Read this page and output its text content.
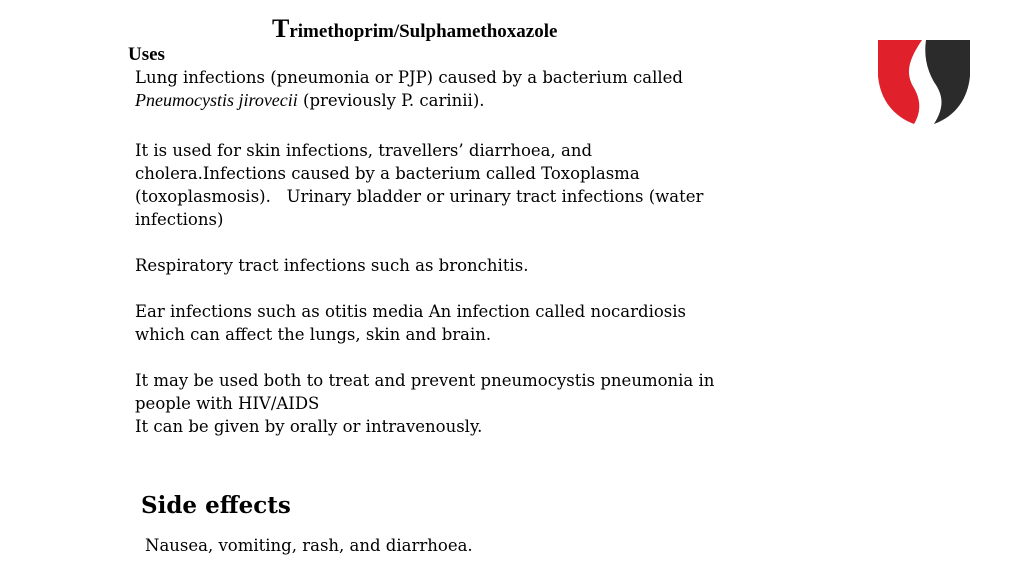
Trimethoprim/Sulphamethoxazole
Uses

Lung infections (pneumonia or PJP) caused by a bacterium called

Pneumocystis jirovecii (previously P. carinii).

It is used for skin infections, travellers’ diarrhoea, and

cholera.Infections caused by a bacterium called Toxoplasma

(toxoplasmosis).   Urinary bladder or urinary tract infections (water

infections)

Respiratory tract infections such as bronchitis.

Ear infections such as otitis media An infection called nocardiosis

which can affect the lungs, skin and brain.

It may be used both to treat and prevent pneumocystis pneumonia in

people with HIV/AIDS

It can be given by orally or intravenously.

Side effects
Nausea, vomiting, rash, and diarrhoea.
